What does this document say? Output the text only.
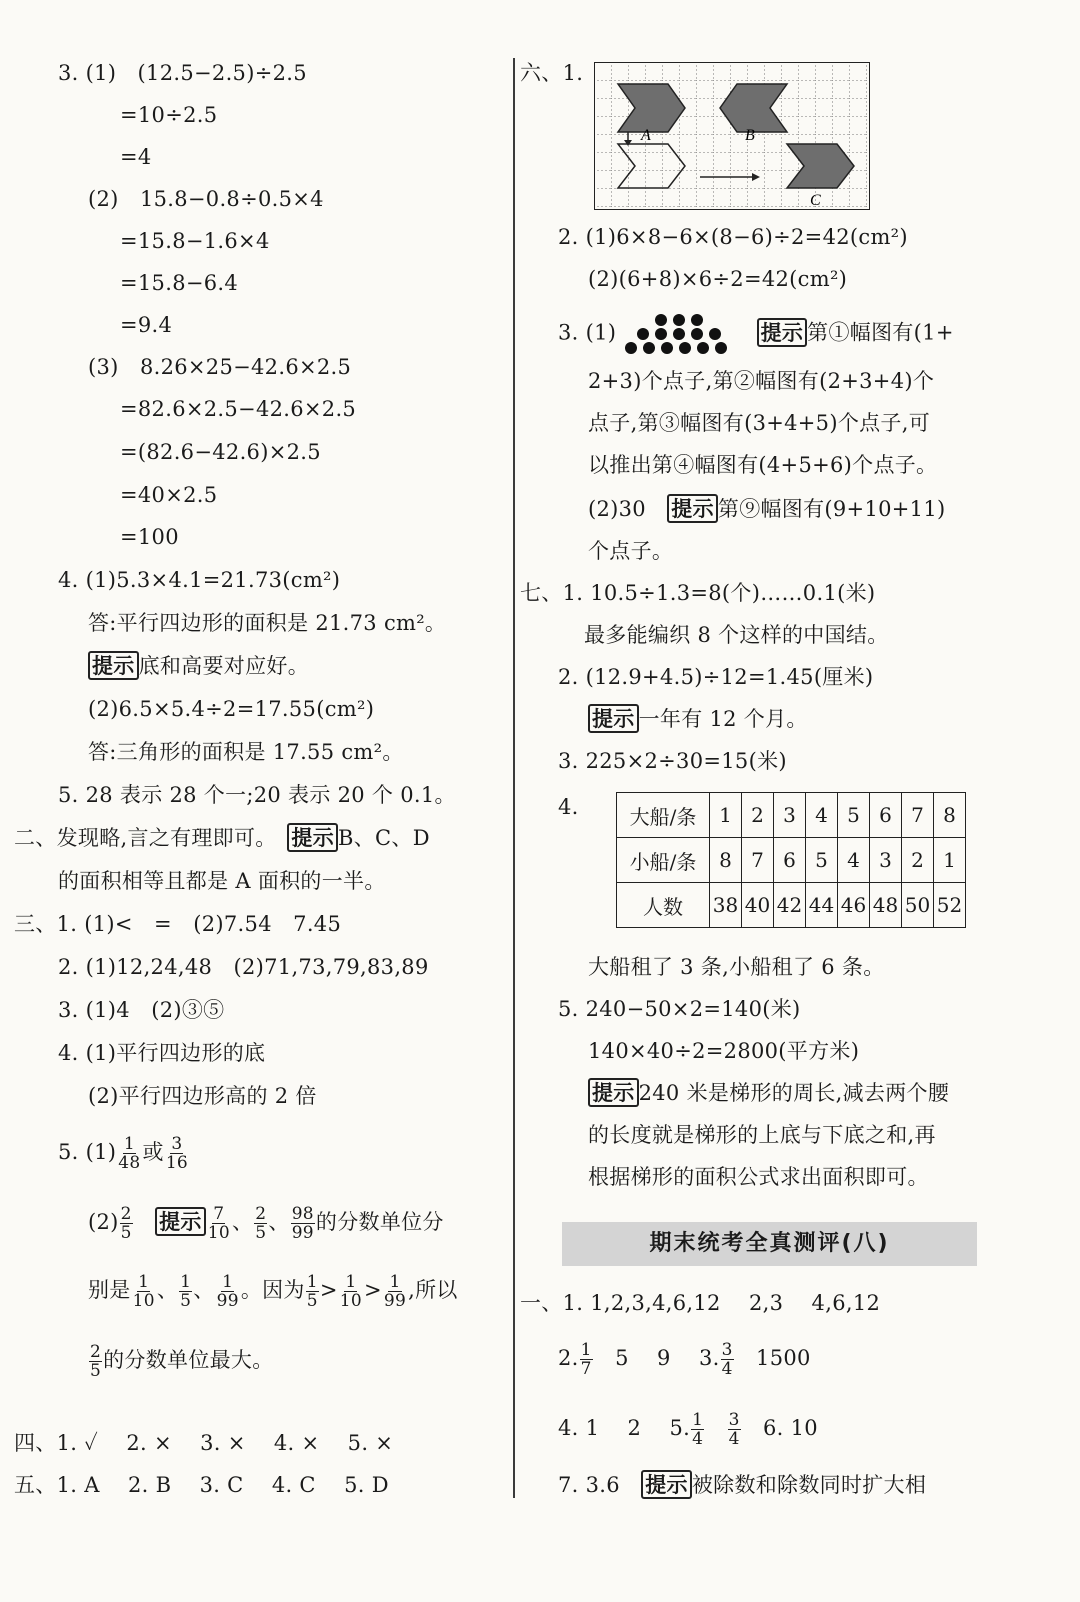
3. (1)　(12.5−2.5)÷2.5
=10÷2.5
=4
(2)　15.8−0.8÷0.5×4
=15.8−1.6×4
=15.8−6.4
=9.4
(3)　8.26×25−42.6×2.5
=82.6×2.5−42.6×2.5
=(82.6−42.6)×2.5
=40×2.5
=100
4. (1)5.3×4.1=21.73(cm²)
答:平行四边形的面积是 21.73 cm²。
提示 底和高要对应好。
(2)6.5×5.4÷2=17.55(cm²)
答:三角形的面积是 17.55 cm²。
5. 28 表示 28 个一;20 表示 20 个 0.1。
二、发现略,言之有理即可。　 提示 B、C、D
的面积相等且都是 A 面积的一半。
三、1. (1)<　=　(2)7.54　7.45
2. (1)12,24,48　(2)71,73,79,83,89
3. (1)4　(2)③⑤
4. (1)平行四边形的底
(2)平行四边形高的 2 倍
5. $(1) \frac{1}{48}$ 或 $\frac{3}{16}$
$(2) \frac{2}{5}$
　 提示 $\frac{7}{10}$ 、 $\frac{2}{5}$ 、 $\frac{98}{99}$ 的分数单位分
别是 $\frac{1}{10}$ 、 $\frac{1}{5}$ 、 $\frac{1}{99}$ 。因为 $\frac{1}{5} > \frac{1}{10} > \frac{1}{99}$ ,所以
$\frac{2}{5}$ 的分数单位最大。
四、1. ✓　 2. ×　 3. ×　 4. ×　 5. ×
五、1. A　 2. B　 3. C　 4. C　 5. D
六、1.
A	B
C
2. (1)6×8−6×(8−6)÷2=42(cm²)
(2)(6+8)×6÷2=42(cm²)
3. (1) 　	提示 第①幅图有(1+
2+3)个点子,第②幅图有(2+3+4)个
点子,第③幅图有(3+4+5)个点子,可
以推出第④幅图有(4+5+6)个点子。
(2)30　 提示 第⑨幅图有(9+10+11)
个点子。
七、1. 10.5÷1.3=8(个)……0.1(米)
最多能编织 8 个这样的中国结。
2. (12.9+4.5)÷12=1.45(厘米)
提示 一年有 12 个月。
3. 225×2÷30=15(米)
4.	大船/条	1	2	3	4	5	6	7	8
小船/条	8	7	6	5	4	3	2	1
人数	38	40	42	44	46	48	50	52
大船租了 3 条,小船租了 6 条。
5. 240−50×2=140(米)
140×40÷2=2800(平方米)
提示 240 米是梯形的周长,减去两个腰
的长度就是梯形的上底与下底之和,再
根据梯形的面积公式求出面积即可。
期末统考全真测评(八)
一、1. 1,2,3,4,6,12　 2,3　 4,6,12
2. $\frac{1}{7}$
　 5　 9　 3. $\frac{3}{4}$
　 1500
4. 1　 2　 5. $\frac{1}{4}$
　 $\frac{3}{4}$
　 6. 10
7. 3.6　 提示 被除数和除数同时扩大相
